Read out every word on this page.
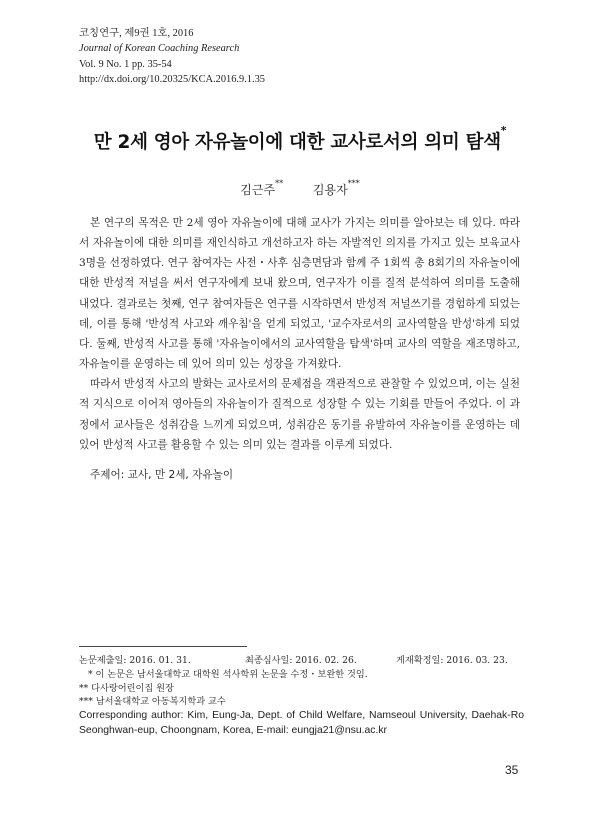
코칭연구, 제9권 1호, 2016
Journal of Korean Coaching Research
Vol. 9 No. 1 pp. 35-54
http://dx.doi.org/10.20325/KCA.2016.9.1.35
만 2세 영아 자유놀이에 대한 교사로서의 의미 탐색*
김근주** 김용자***

본 연구의 목적은 만 2세 영아 자유놀이에 대해 교사가 가지는 의미를 알아보는 데 있다. 따라서 자유놀이에 대한 의미를 재인식하고 개선하고자 하는 자발적인 의지를 가지고 있는 보육교사 3명을 선정하였다. 연구 참여자는 사전・사후 심층면담과 함께 주 1회씩 총 8회기의 자유놀이에 대한 반성적 저널을 써서 연구자에게 보내 왔으며, 연구자가 이를 질적 분석하여 의미를 도출해 내었다. 결과로는 첫째, 연구 참여자들은 연구를 시작하면서 반성적 저널쓰기를 경험하게 되었는데, 이를 통해 '반성적 사고와 깨우침'을 얻게 되었고, '교수자로서의 교사역할을 반성'하게 되었다. 둘째, 반성적 사고를 통해 '자유놀이에서의 교사역할을 탐색'하며 교사의 역할을 재조명하고, 자유놀이를 운영하는 데 있어 의미 있는 성장을 가져왔다.

따라서 반성적 사고의 발화는 교사로서의 문제점을 객관적으로 관찰할 수 있었으며, 이는 실천적 지식으로 이어져 영아들의 자유놀이가 질적으로 성장할 수 있는 기회를 만들어 주었다. 이 과정에서 교사들은 성취감을 느끼게 되었으며, 성취감은 동기를 유발하여 자유놀이를 운영하는 데 있어 반성적 사고를 활용할 수 있는 의미 있는 결과를 이루게 되었다.

주제어: 교사, 만 2세, 자유놀이
논문제출일: 2016. 01. 31.	최종심사일: 2016. 02. 26.	게재확정일: 2016. 03. 23.
* 이 논문은 남서울대학교 대학원 석사학위 논문을 수정・보완한 것임.
** 다사랑어린이집 원장
*** 남서울대학교 아동복지학과 교수
Corresponding author: Kim, Eung-Ja, Dept. of Child Welfare, Namseoul University, Daehak-Ro Seonghwan-eup, Choongnam, Korea, E-mail: eungja21@nsu.ac.kr
35
